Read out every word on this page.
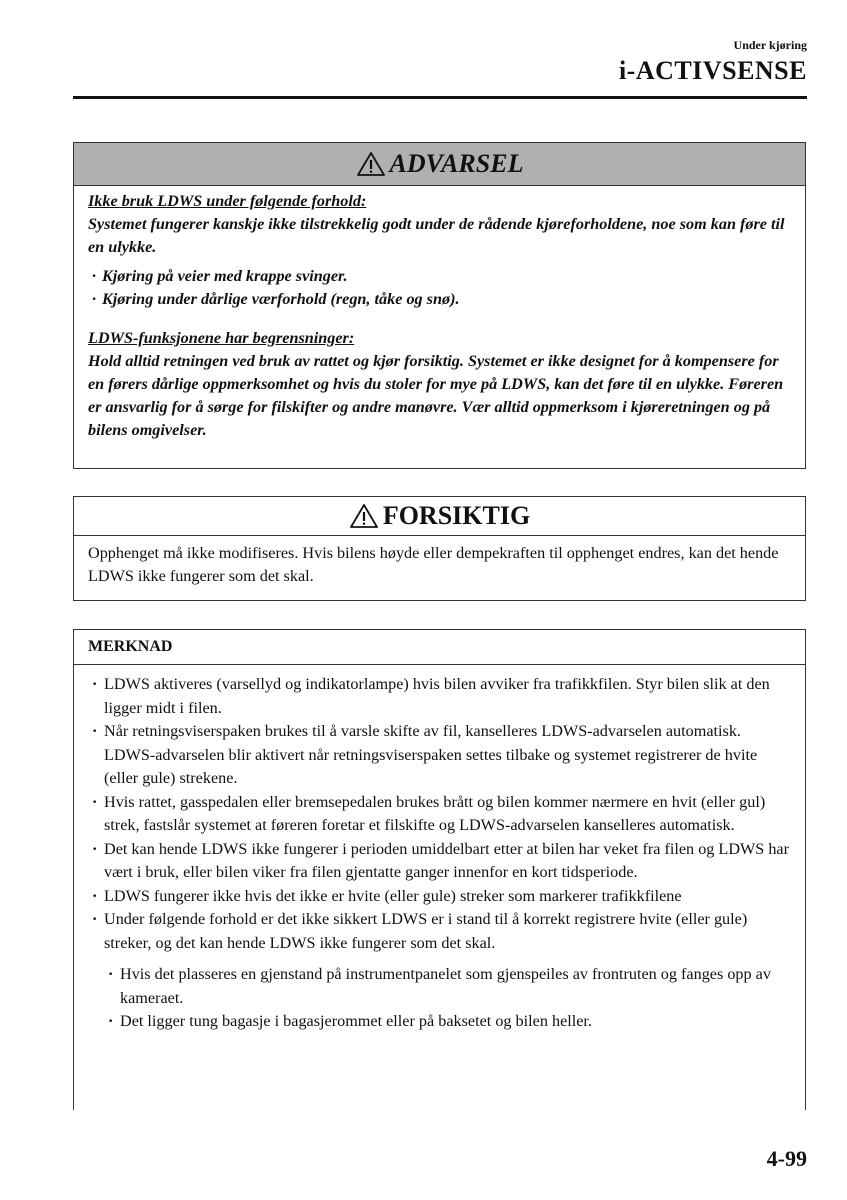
Under kjøring
i-ACTIVSENSE
ADVARSEL
Ikke bruk LDWS under følgende forhold:
Systemet fungerer kanskje ikke tilstrekkelig godt under de rådende kjøreforholdene, noe som kan føre til en ulykke.
· Kjøring på veier med krappe svinger.
· Kjøring under dårlige værforhold (regn, tåke og snø).
LDWS-funksjonene har begrensninger:
Hold alltid retningen ved bruk av rattet og kjør forsiktig. Systemet er ikke designet for å kompensere for en førers dårlige oppmerksomhet og hvis du stoler for mye på LDWS, kan det føre til en ulykke. Føreren er ansvarlig for å sørge for filskifter og andre manøvre. Vær alltid oppmerksom i kjøreretningen og på bilens omgivelser.
FORSIKTIG
Opphenget må ikke modifiseres. Hvis bilens høyde eller dempekraften til opphenget endres, kan det hende LDWS ikke fungerer som det skal.
MERKNAD
· LDWS aktiveres (varsellyd og indikatorlampe) hvis bilen avviker fra trafikkfilen. Styr bilen slik at den ligger midt i filen.
· Når retningsviserspaken brukes til å varsle skifte av fil, kanselleres LDWS-advarselen automatisk. LDWS-advarselen blir aktivert når retningsviserspaken settes tilbake og systemet registrerer de hvite (eller gule) strekene.
· Hvis rattet, gasspedalen eller bremsepedalen brukes brått og bilen kommer nærmere en hvit (eller gul) strek, fastslår systemet at føreren foretar et filskifte og LDWS-advarselen kanselleres automatisk.
· Det kan hende LDWS ikke fungerer i perioden umiddelbart etter at bilen har veket fra filen og LDWS har vært i bruk, eller bilen viker fra filen gjentatte ganger innenfor en kort tidsperiode.
· LDWS fungerer ikke hvis det ikke er hvite (eller gule) streker som markerer trafikkfilene
· Under følgende forhold er det ikke sikkert LDWS er i stand til å korrekt registrere hvite (eller gule) streker, og det kan hende LDWS ikke fungerer som det skal.
· Hvis det plasseres en gjenstand på instrumentpanelet som gjenspeiles av frontruten og fanges opp av kameraet.
· Det ligger tung bagasje i bagasjerommet eller på baksetet og bilen heller.
4-99
